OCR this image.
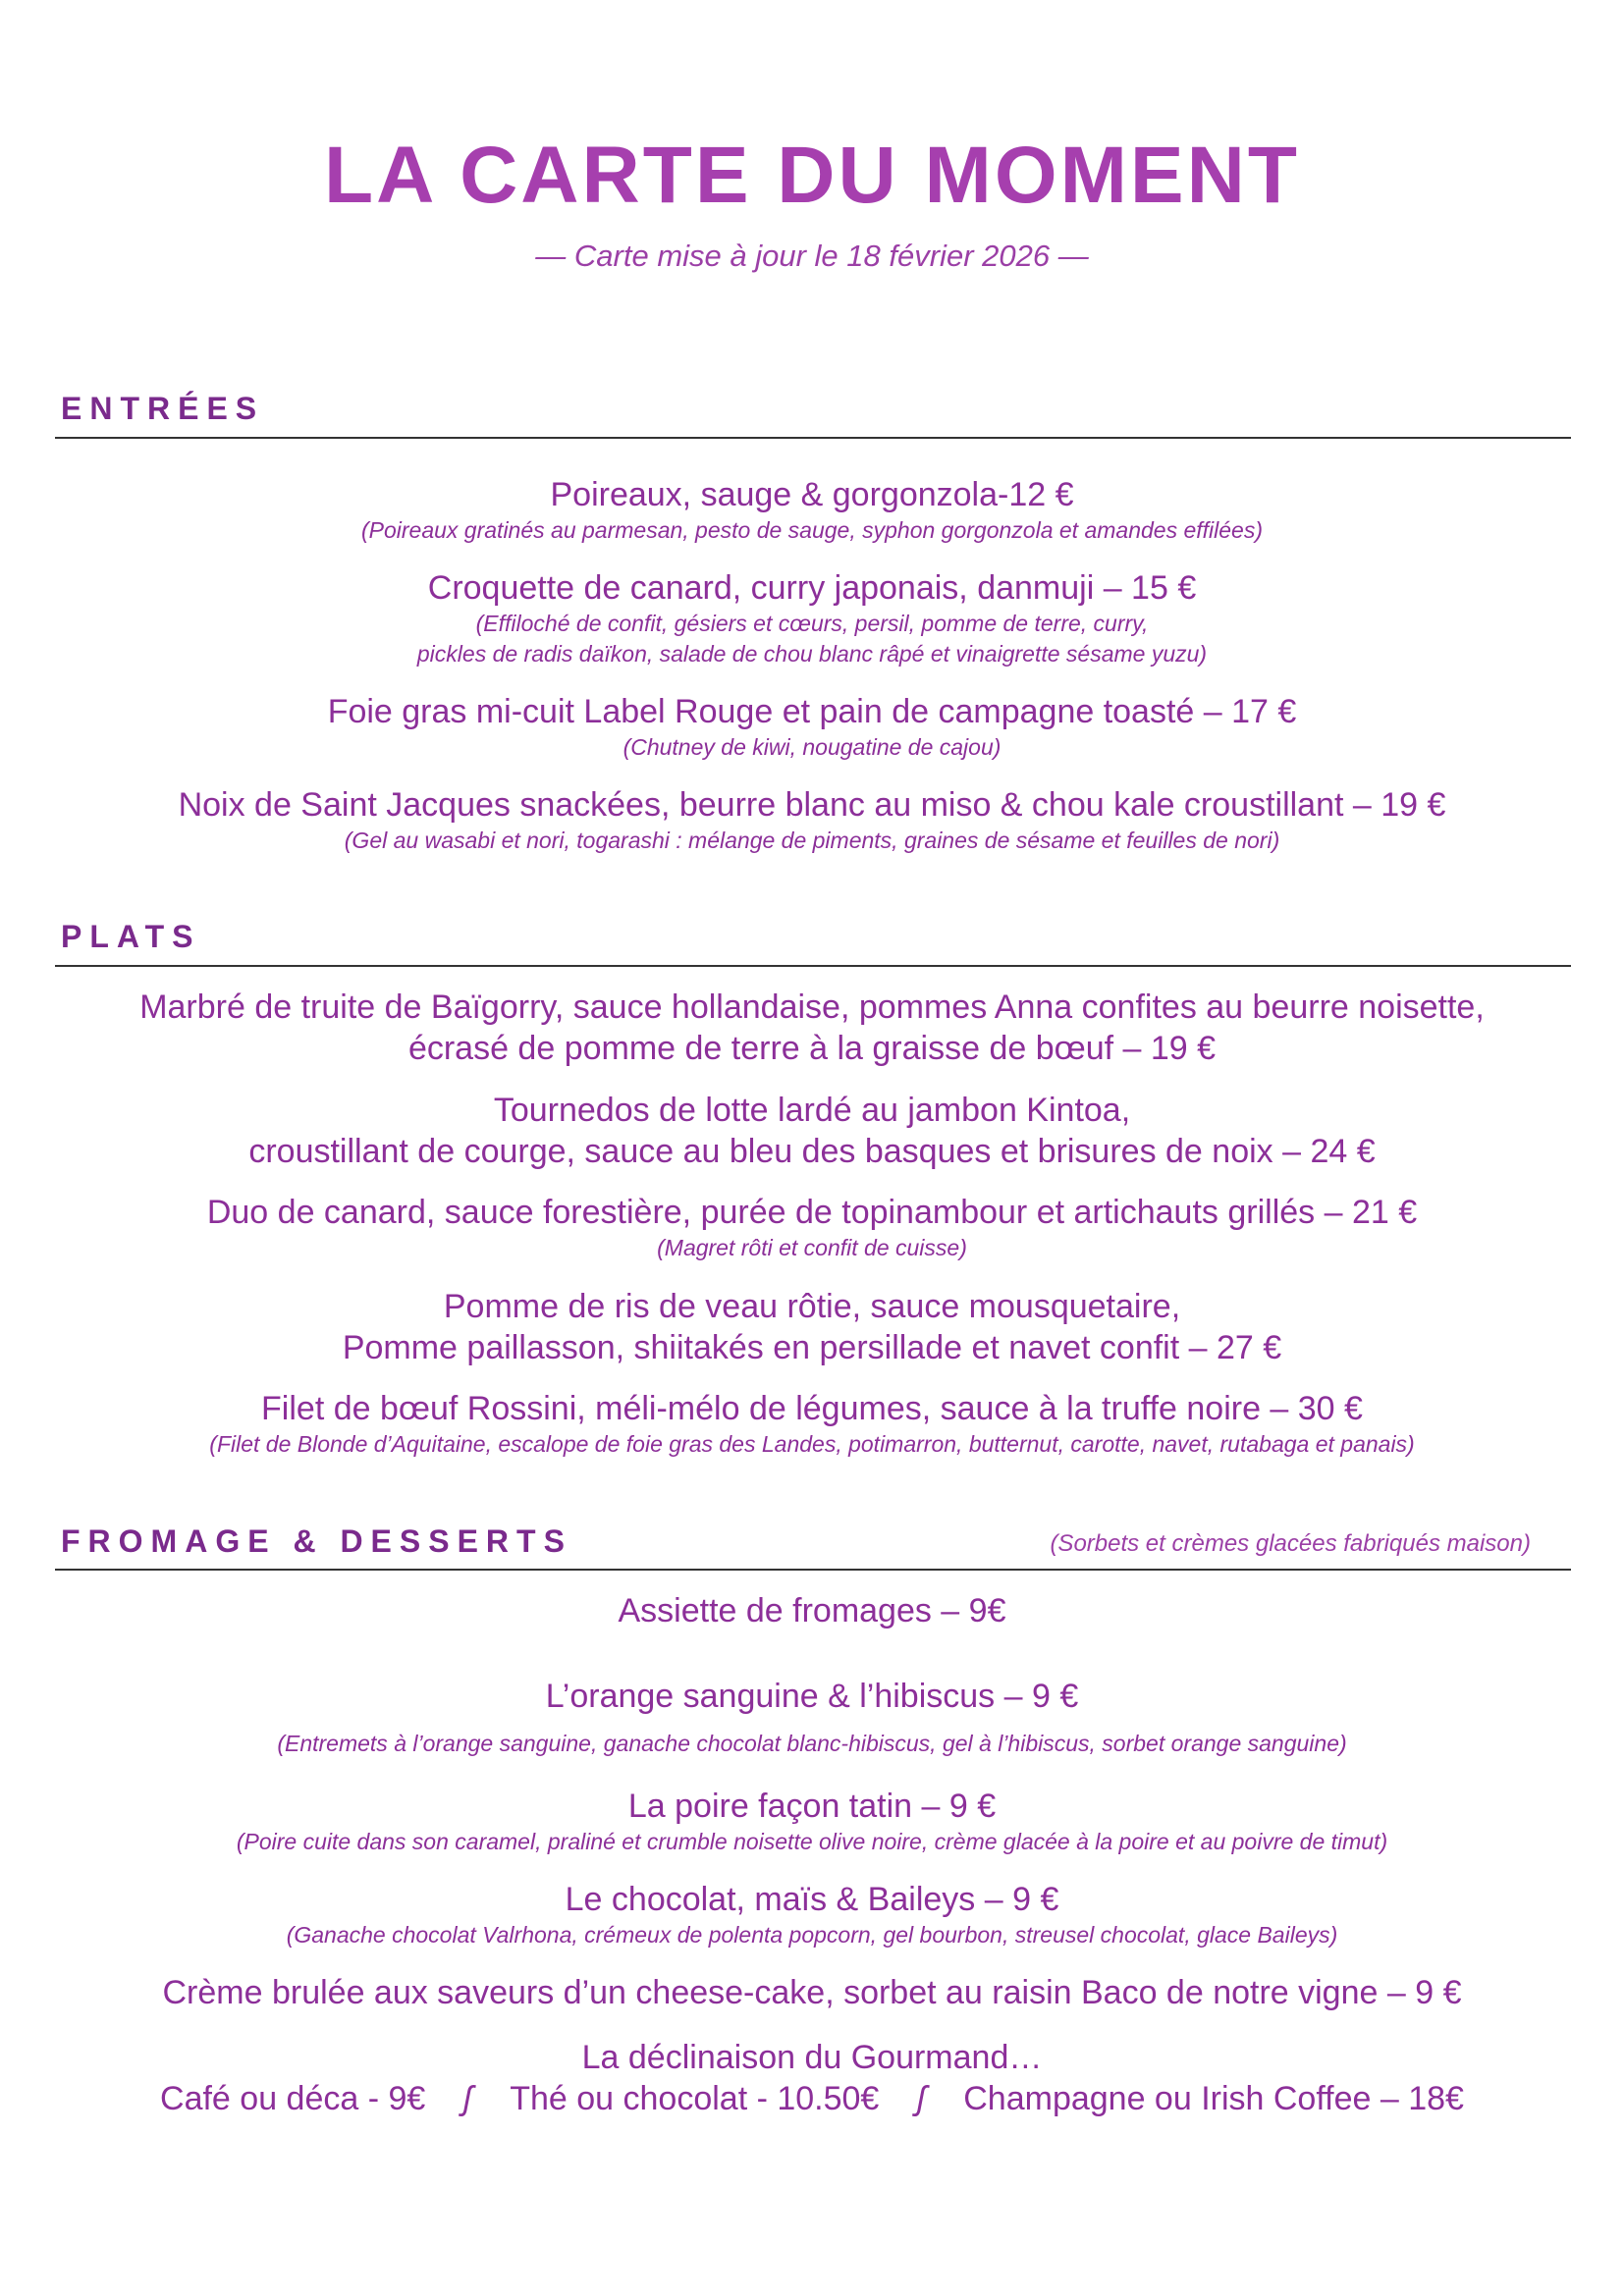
LA CARTE DU MOMENT
— Carte mise à jour le 18 février 2026 —
ENTRÉES

Poireaux, sauge & gorgonzola-12 €

(Poireaux gratinés au parmesan, pesto de sauge, syphon gorgonzola et amandes effilées)

Croquette de canard, curry japonais, danmuji – 15 €

(Effiloché de confit, gésiers et cœurs, persil, pomme de terre, curry,

pickles de radis daïkon, salade de chou blanc râpé et vinaigrette sésame yuzu)

Foie gras mi-cuit Label Rouge et pain de campagne toasté – 17 €

(Chutney de kiwi, nougatine de cajou)

Noix de Saint Jacques snackées, beurre blanc au miso & chou kale croustillant – 19 €

(Gel au wasabi et nori, togarashi : mélange de piments, graines de sésame et feuilles de nori)

PLATS

Marbré de truite de Baïgorry, sauce hollandaise, pommes Anna confites au beurre noisette,

écrasé de pomme de terre à la graisse de bœuf – 19 €

Tournedos de lotte lardé au jambon Kintoa,

croustillant de courge, sauce au bleu des basques et brisures de noix – 24 €

Duo de canard, sauce forestière, purée de topinambour et artichauts grillés – 21 €

(Magret rôti et confit de cuisse)

Pomme de ris de veau rôtie, sauce mousquetaire,

Pomme paillasson, shiitakés en persillade et navet confit – 27 €

Filet de bœuf Rossini, méli-mélo de légumes, sauce à la truffe noire – 30 €

(Filet de Blonde d’Aquitaine, escalope de foie gras des Landes, potimarron, butternut, carotte, navet, rutabaga et panais)

FROMAGE & DESSERTS	(Sorbets et crèmes glacées fabriqués maison)

Assiette de fromages – 9€

L’orange sanguine & l’hibiscus – 9 €

(Entremets à l’orange sanguine, ganache chocolat blanc-hibiscus, gel à l’hibiscus, sorbet orange sanguine)

La poire façon tatin – 9 €

(Poire cuite dans son caramel, praliné et crumble noisette olive noire, crème glacée à la poire et au poivre de timut)

Le chocolat, maïs & Baileys – 9 €

(Ganache chocolat Valrhona, crémeux de polenta popcorn, gel bourbon, streusel chocolat, glace Baileys)

Crème brulée aux saveurs d’un cheese-cake, sorbet au raisin Baco de notre vigne – 9 €

La déclinaison du Gourmand…

Café ou déca - 9€ ʃ Thé ou chocolat - 10.50€ ʃ Champagne ou Irish Coffee – 18€
